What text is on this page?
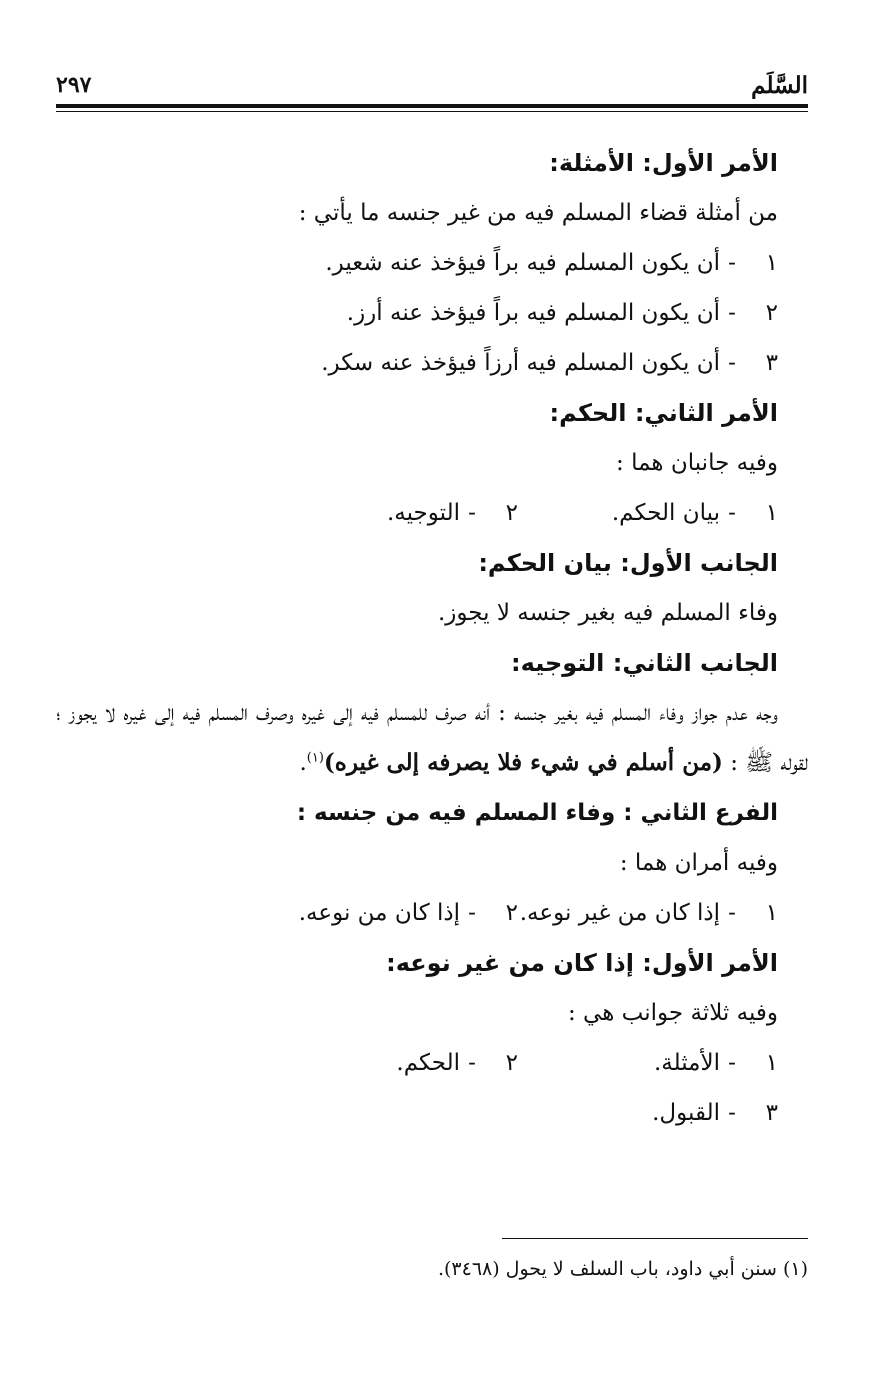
السَّلَم
٢٩٧
الأمر الأول: الأمثلة:
من أمثلة قضاء المسلم فيه من غير جنسه ما يأتي :
١-أن يكون المسلم فيه براً فيؤخذ عنه شعير.
٢-أن يكون المسلم فيه براً فيؤخذ عنه أرز.
٣-أن يكون المسلم فيه أرزاً فيؤخذ عنه سكر.
الأمر الثاني: الحكم:
وفيه جانبان هما :
١-بيان الحكم.٢-التوجيه.
الجانب الأول: بيان الحكم:
وفاء المسلم فيه بغير جنسه لا يجوز.
الجانب الثاني: التوجيه:
وجه عدم جواز وفاء المسلم فيه بغير جنسه : أنه صرف للمسلم فيه إلى غيره وصرف المسلم فيه إلى غيره لا يجوز ؛ لقوله ﷺ : (من أسلم في شيء فلا يصرفه إلى غيره)$^{(١)}$.
الفرع الثاني : وفاء المسلم فيه من جنسه :
وفيه أمران هما :
١-إذا كان من غير نوعه.٢-إذا كان من نوعه.
الأمر الأول: إذا كان من غير نوعه:
وفيه ثلاثة جوانب هي :
١-الأمثلة.٢-الحكم.
٣-القبول.
(١) سنن أبي داود، باب السلف لا يحول (٣٤٦٨).
